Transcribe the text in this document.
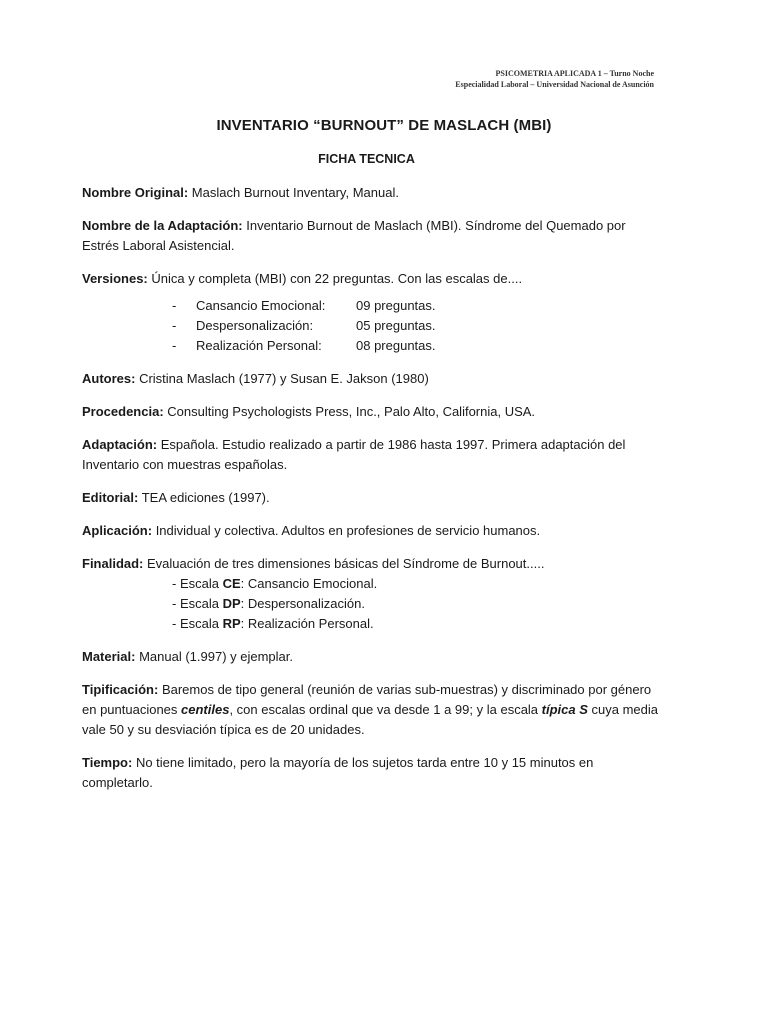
PSICOMETRIA APLICADA 1 – Turno Noche
Especialidad Laboral – Universidad Nacional de Asunción
INVENTARIO “BURNOUT” DE MASLACH (MBI)
FICHA TECNICA

Nombre Original: Maslach Burnout Inventary, Manual.

Nombre de la Adaptación: Inventario Burnout de Maslach (MBI). Síndrome del Quemado por Estrés Laboral Asistencial.

Versiones: Única y completa (MBI) con 22 preguntas. Con las escalas de....

-	Cansancio Emocional:	09 preguntas.
-	Despersonalización:	05 preguntas.
-	Realización Personal:	08 preguntas.

Autores: Cristina Maslach (1977) y Susan E. Jakson (1980)

Procedencia: Consulting Psychologists Press, Inc., Palo Alto, California, USA.

Adaptación: Española. Estudio realizado a partir de 1986 hasta 1997. Primera adaptación del Inventario con muestras españolas.

Editorial: TEA ediciones (1997).

Aplicación: Individual y colectiva. Adultos en profesiones de servicio humanos.

Finalidad: Evaluación de tres dimensiones básicas del Síndrome de Burnout.....

- Escala CE: Cansancio Emocional.
- Escala DP: Despersonalización.
- Escala RP: Realización Personal.

Material: Manual (1.997) y ejemplar.

Tipificación: Baremos de tipo general (reunión de varias sub-muestras) y discriminado por género en puntuaciones centiles, con escalas ordinal que va desde 1 a 99; y la escala típica S cuya media vale 50 y su desviación típica es de 20 unidades.

Tiempo: No tiene limitado, pero la mayoría de los sujetos tarda entre 10 y 15 minutos en completarlo.
